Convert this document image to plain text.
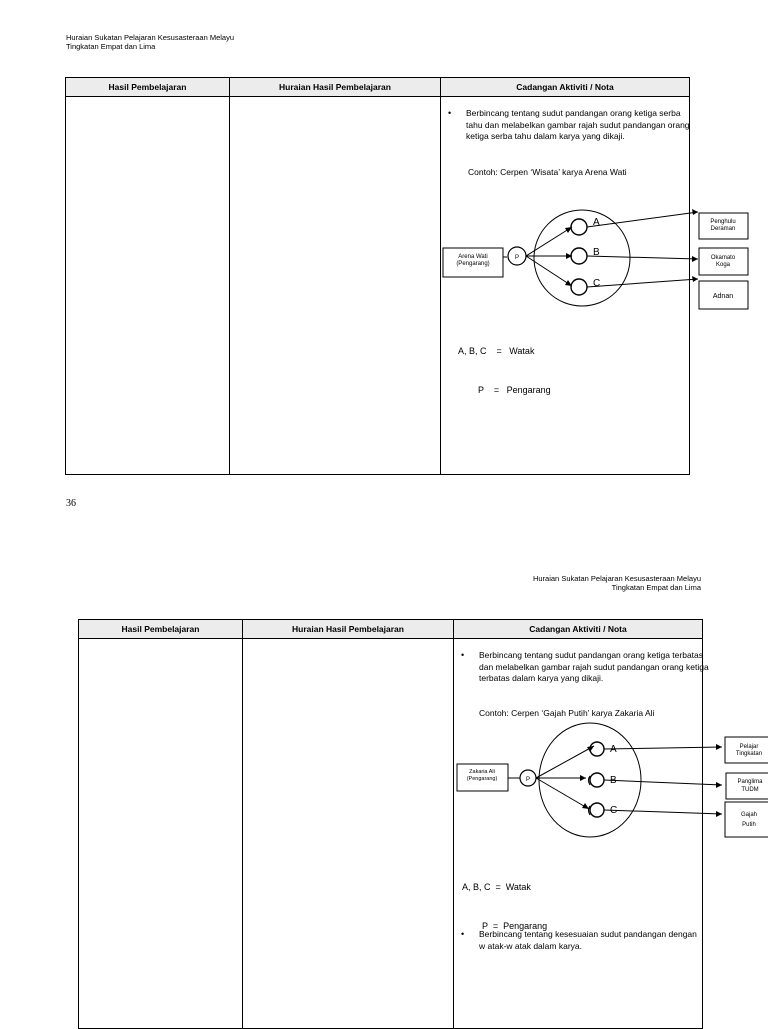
Huraian Sukatan Pelajaran Kesusasteraan Melayu
Tingkatan Empat dan Lima
Hasil Pembelajaran	Huraian Hasil Pembelajaran	Cadangan Aktiviti / Nota
• Berbincang tentang sudut pandangan orang ketiga serba tahu dan melabelkan gambar rajah sudut pandangan orang ketiga serba tahu dalam karya yang dikaji.
Contoh: Cerpen ‘Wisata’ karya Arena Wati
Arena Wati
(Pengarang)
P
A
B
C
Penghulu
Deraman
Okamato
Koga
Adnan

A, B, C    =   Watak

P    =   Pengarang

36
Huraian Sukatan Pelajaran Kesusasteraan Melayu
Tingkatan Empat dan Lima
Hasil Pembelajaran	Huraian Hasil Pembelajaran	Cadangan Aktiviti / Nota
• Berbincang tentang sudut pandangan orang ketiga terbatas dan melabelkan gambar rajah sudut pandangan orang ketiga terbatas dalam karya yang dikaji.
Contoh: Cerpen ‘Gajah Putih’ karya Zakaria Ali
Zakaria Ali
(Pengarang)	P
A
B
C
Pelajar
Tingkatan
Panglima
TUDM
Gajah
Putih

A, B, C  =  Watak

P  =  Pengarang

• Berbincang tentang kesesuaian sudut pandangan dengan w atak-w atak dalam karya.
